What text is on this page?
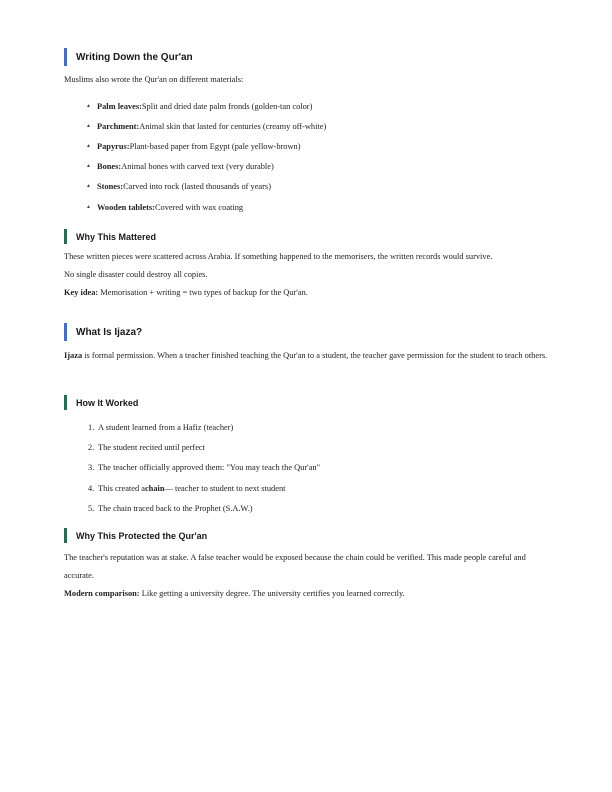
Writing Down the Qur'an
Muslims also wrote the Qur'an on different materials:
▲ Palm leaves: Split and dried date palm fronds (golden-tan color)
▲ Parchment: Animal skin that lasted for centuries (creamy off-white)
▲ Papyrus: Plant-based paper from Egypt (pale yellow-brown)
▲ Bones: Animal bones with carved text (very durable)
▲ Stones: Carved into rock (lasted thousands of years)
▲ Wooden tablets: Covered with wax coating
Why This Mattered
These written pieces were scattered across Arabia. If something happened to the memorisers, the written records would survive.
No single disaster could destroy all copies.
Key idea: Memorisation + writing = two types of backup for the Qur'an.
What Is Ijaza?
Ijaza is formal permission. When a teacher finished teaching the Qur'an to a student, the teacher gave permission for the student to teach others.
How It Worked
1. A student learned from a Hafiz (teacher)
2. The student recited until perfect
3. The teacher officially approved them: "You may teach the Qur'an"
4. This created a chain — teacher to student to next student
5. The chain traced back to the Prophet (S.A.W.)
Why This Protected the Qur'an
The teacher's reputation was at stake. A false teacher would be exposed because the chain could be verified. This made people careful and accurate.
Modern comparison: Like getting a university degree. The university certifies you learned correctly.
